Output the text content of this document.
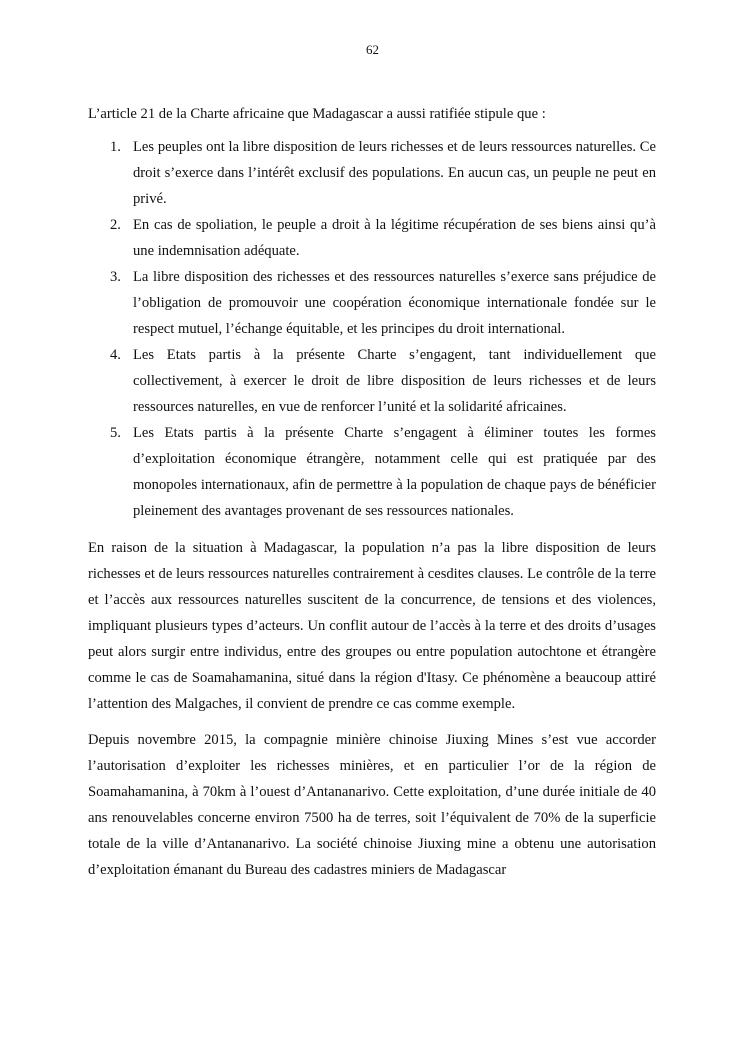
62

L’article 21 de la Charte africaine que Madagascar a aussi ratifiée stipule que :

1. Les peuples ont la libre disposition de leurs richesses et de leurs ressources naturelles. Ce droit s’exerce dans l’intérêt exclusif des populations. En aucun cas, un peuple ne peut en privé.
2. En cas de spoliation, le peuple a droit à la légitime récupération de ses biens ainsi qu’à une indemnisation adéquate.
3. La libre disposition des richesses et des ressources naturelles s’exerce sans préjudice de l’obligation de promouvoir une coopération économique internationale fondée sur le respect mutuel, l’échange équitable, et les principes du droit international.
4. Les Etats partis à la présente Charte s’engagent, tant individuellement que collectivement, à exercer le droit de libre disposition de leurs richesses et de leurs ressources naturelles, en vue de renforcer l’unité et la solidarité africaines.
5. Les Etats partis à la présente Charte s’engagent à éliminer toutes les formes d’exploitation économique étrangère, notamment celle qui est pratiquée par des monopoles internationaux, afin de permettre à la population de chaque pays de bénéficier pleinement des avantages provenant de ses ressources nationales.

En raison de la situation à Madagascar, la population n’a pas la libre disposition de leurs richesses et de leurs ressources naturelles contrairement à cesdites clauses. Le contrôle de la terre et l’accès aux ressources naturelles suscitent de la concurrence, de tensions et des violences, impliquant plusieurs types d’acteurs. Un conflit autour de l’accès à la terre et des droits d’usages peut alors surgir entre individus, entre des groupes ou entre population autochtone et étrangère comme le cas de Soamahamanina, situé dans la région d'Itasy. Ce phénomène a beaucoup attiré l’attention des Malgaches, il convient de prendre ce cas comme exemple.

Depuis novembre 2015, la compagnie minière chinoise Jiuxing Mines s’est vue accorder l’autorisation d’exploiter les richesses minières, et en particulier l’or de la région de Soamahamanina, à 70km à l’ouest d’Antananarivo. Cette exploitation, d’une durée initiale de 40 ans renouvelables concerne environ 7500 ha de terres, soit l’équivalent de 70% de la superficie totale de la ville d’Antananarivo. La société chinoise Jiuxing mine a obtenu une autorisation d’exploitation émanant du Bureau des cadastres miniers de Madagascar
